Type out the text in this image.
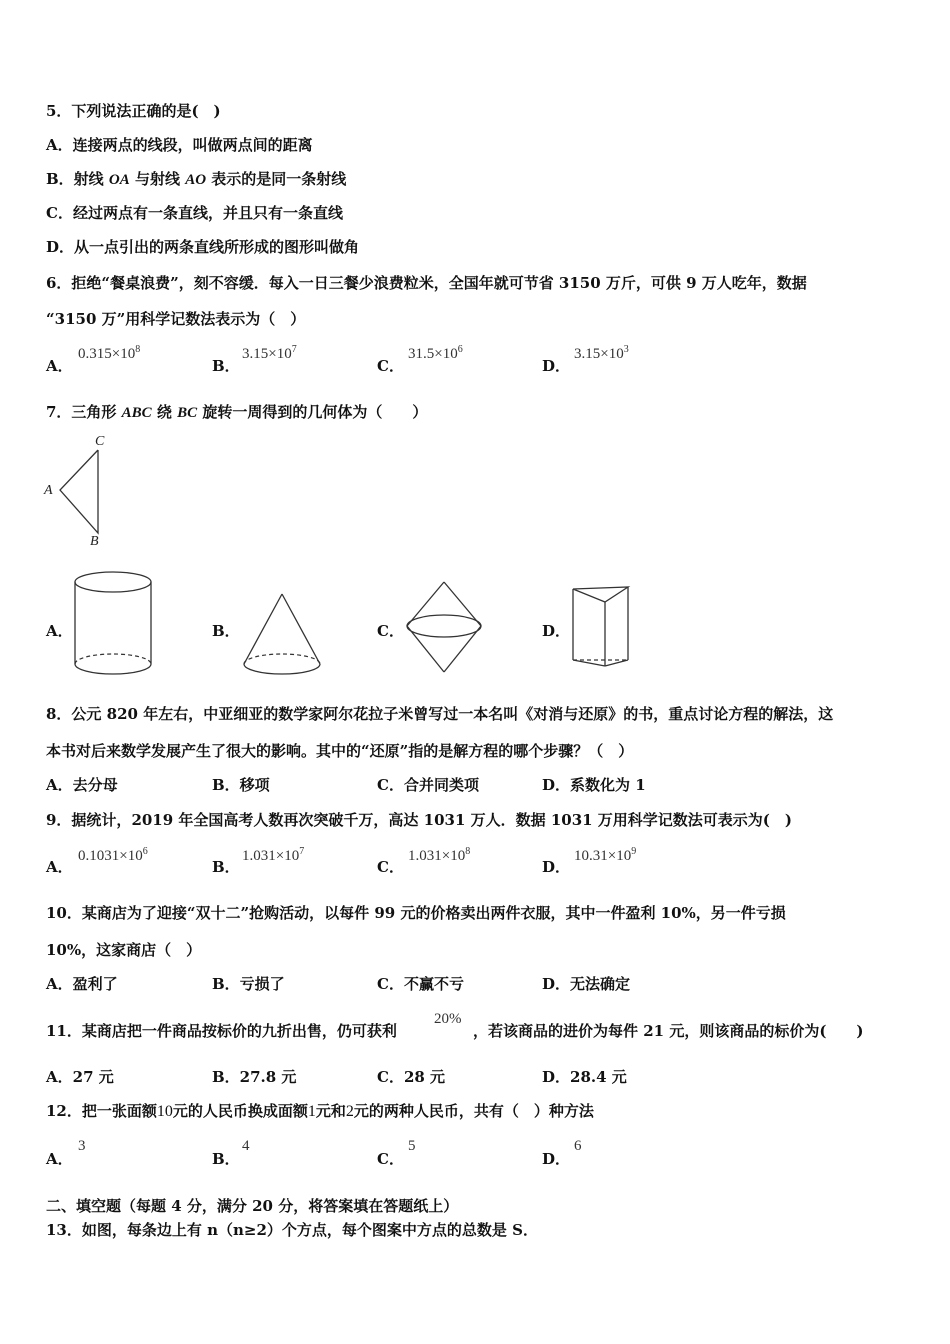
5．下列说法正确的是(　)
A．连接两点的线段，叫做两点间的距离
B．射线 OA 与射线 AO 表示的是同一条射线
C．经过两点有一条直线，并且只有一条直线
D．从一点引出的两条直线所形成的图形叫做角
6．拒绝“餐桌浪费”，刻不容缓．每入一日三餐少浪费粒米，全国年就可节省 3150 万斤，可供 9 万人吃年，数据
“3150 万”用科学记数法表示为（　）
A．
$0.315\times 10^8$
B．
$3.15\times 10^7$
C．
$31.5\times 10^6$
D．
$3.15\times 10^3$
7．三角形 ABC 绕 BC 旋转一周得到的几何体为（　　）
C
A
B
A．	B．	C．	D．
8．公元 820 年左右，中亚细亚的数学家阿尔花拉子米曾写过一本名叫《对消与还原》的书，重点讨论方程的解法，这
本书对后来数学发展产生了很大的影响。其中的“还原”指的是解方程的哪个步骤？（　）
A．去分母	B．移项	C．合并同类项	D．系数化为 1
9．据统计，2019 年全国高考人数再次突破千万，高达 1031 万人．数据 1031 万用科学记数法可表示为(　)
A．
$0.1031\times 10^6$
B．
$1.031\times 10^7$
C．
$1.031\times 10^8$
D．
$10.31\times 10^9$
10．某商店为了迎接“双十二”抢购活动，以每件 99 元的价格卖出两件衣服，其中一件盈利 10%，另一件亏损
10%，这家商店（　）
A．盈利了	B．亏损了	C．不赢不亏	D．无法确定
11．某商店把一件商品按标价的九折出售，仍可获利
20%
，若该商品的进价为每件 21 元，则该商品的标价为(　　)
A．27 元	B．27.8 元	C．28 元	D．28.4 元
12．把一张面额10元的人民币换成面额1元和2元的两种人民币，共有（　）种方法
A．
3
B．
4
C．
5
D．
6
二、填空题（每题 4 分，满分 20 分，将答案填在答题纸上）
13．如图，每条边上有 n（n≥2）个方点，每个图案中方点的总数是 S．
